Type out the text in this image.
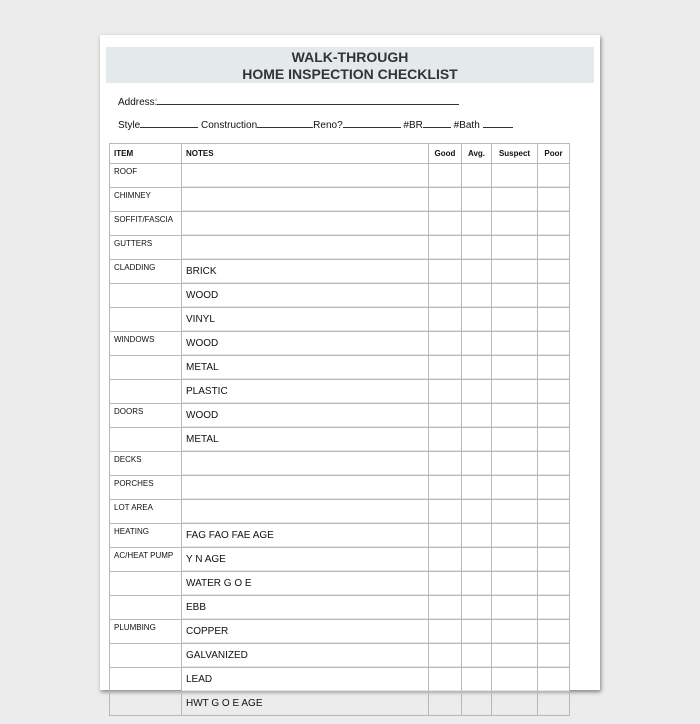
WALK-THROUGH
HOME INSPECTION CHECKLIST
Address:
Style	Construction	Reno?	#BR	#Bath
ITEM	NOTES	Good	Avg.	Suspect	Poor
ROOF					
CHIMNEY					
SOFFIT/FASCIA					
GUTTERS					
CLADDING	BRICK				
	WOOD				
	VINYL				
WINDOWS	WOOD				
	METAL				
	PLASTIC				
DOORS	WOOD				
	METAL				
DECKS					
PORCHES					
LOT AREA					
HEATING	FAG FAO FAE AGE				
AC/HEAT PUMP	Y N AGE				
	WATER G O E				
	EBB				
PLUMBING	COPPER				
	GALVANIZED				
	LEAD				
	HWT G O E AGE				
